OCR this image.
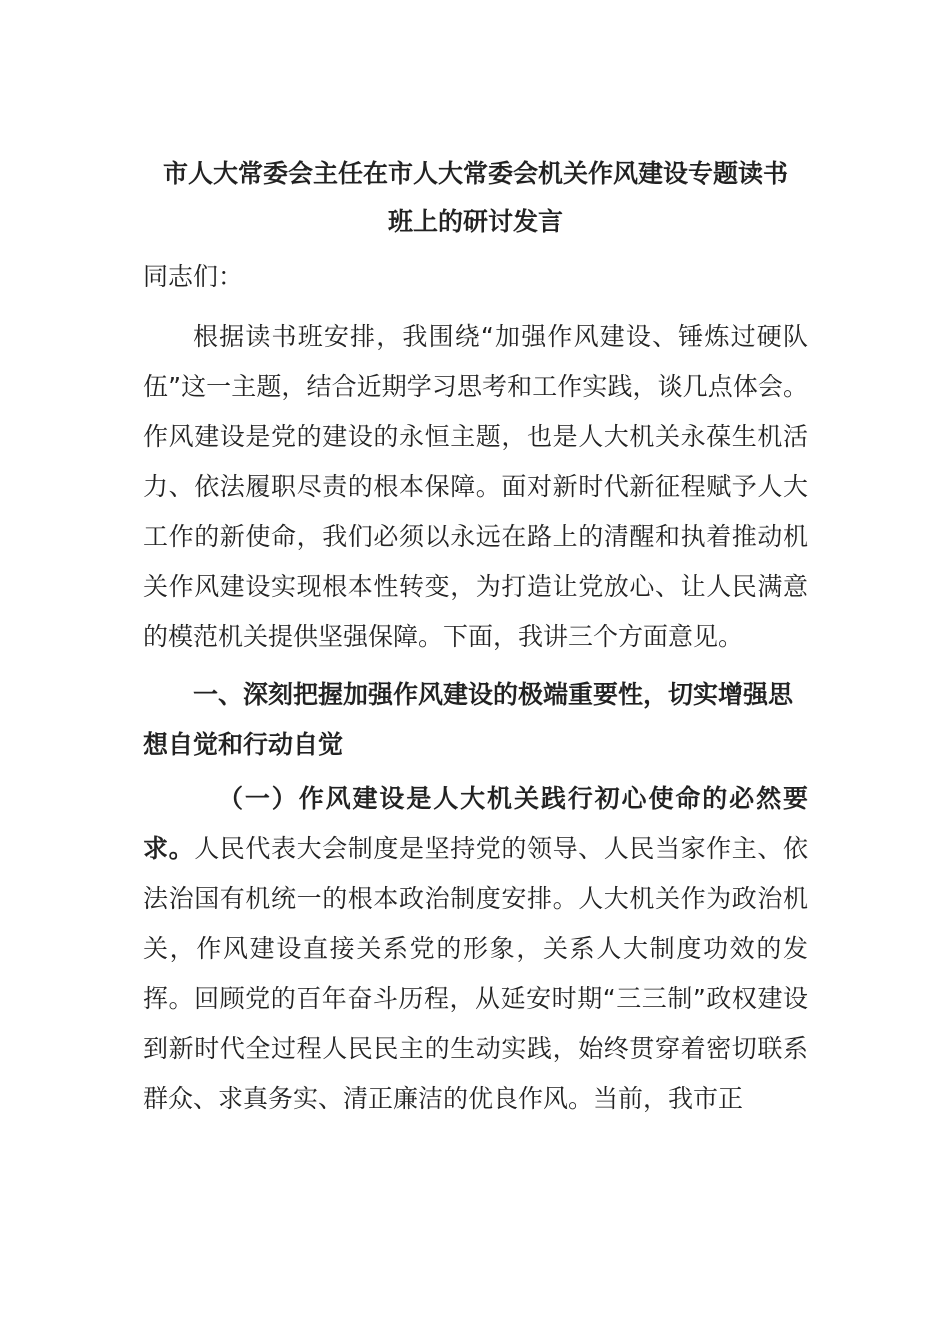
市人大常委会主任在市人大常委会机关作风建设专题读书
班上的研讨发言

同志们：

根据读书班安排，我围绕“加强作风建设、锤炼过硬队伍”这一主题，结合近期学习思考和工作实践，谈几点体会。作风建设是党的建设的永恒主题，也是人大机关永葆生机活力、依法履职尽责的根本保障。面对新时代新征程赋予人大工作的新使命，我们必须以永远在路上的清醒和执着推动机关作风建设实现根本性转变，为打造让党放心、让人民满意的模范机关提供坚强保障。下面，我讲三个方面意见。

一、深刻把握加强作风建设的极端重要性，切实增强思想自觉和行动自觉

（一）作风建设是人大机关践行初心使命的必然要求。人民代表大会制度是坚持党的领导、人民当家作主、依法治国有机统一的根本政治制度安排。人大机关作为政治机关，作风建设直接关系党的形象，关系人大制度功效的发挥。回顾党的百年奋斗历程，从延安时期“三三制”政权建设到新时代全过程人民民主的生动实践，始终贯穿着密切联系群众、求真务实、清正廉洁的优良作风。当前，我市正
